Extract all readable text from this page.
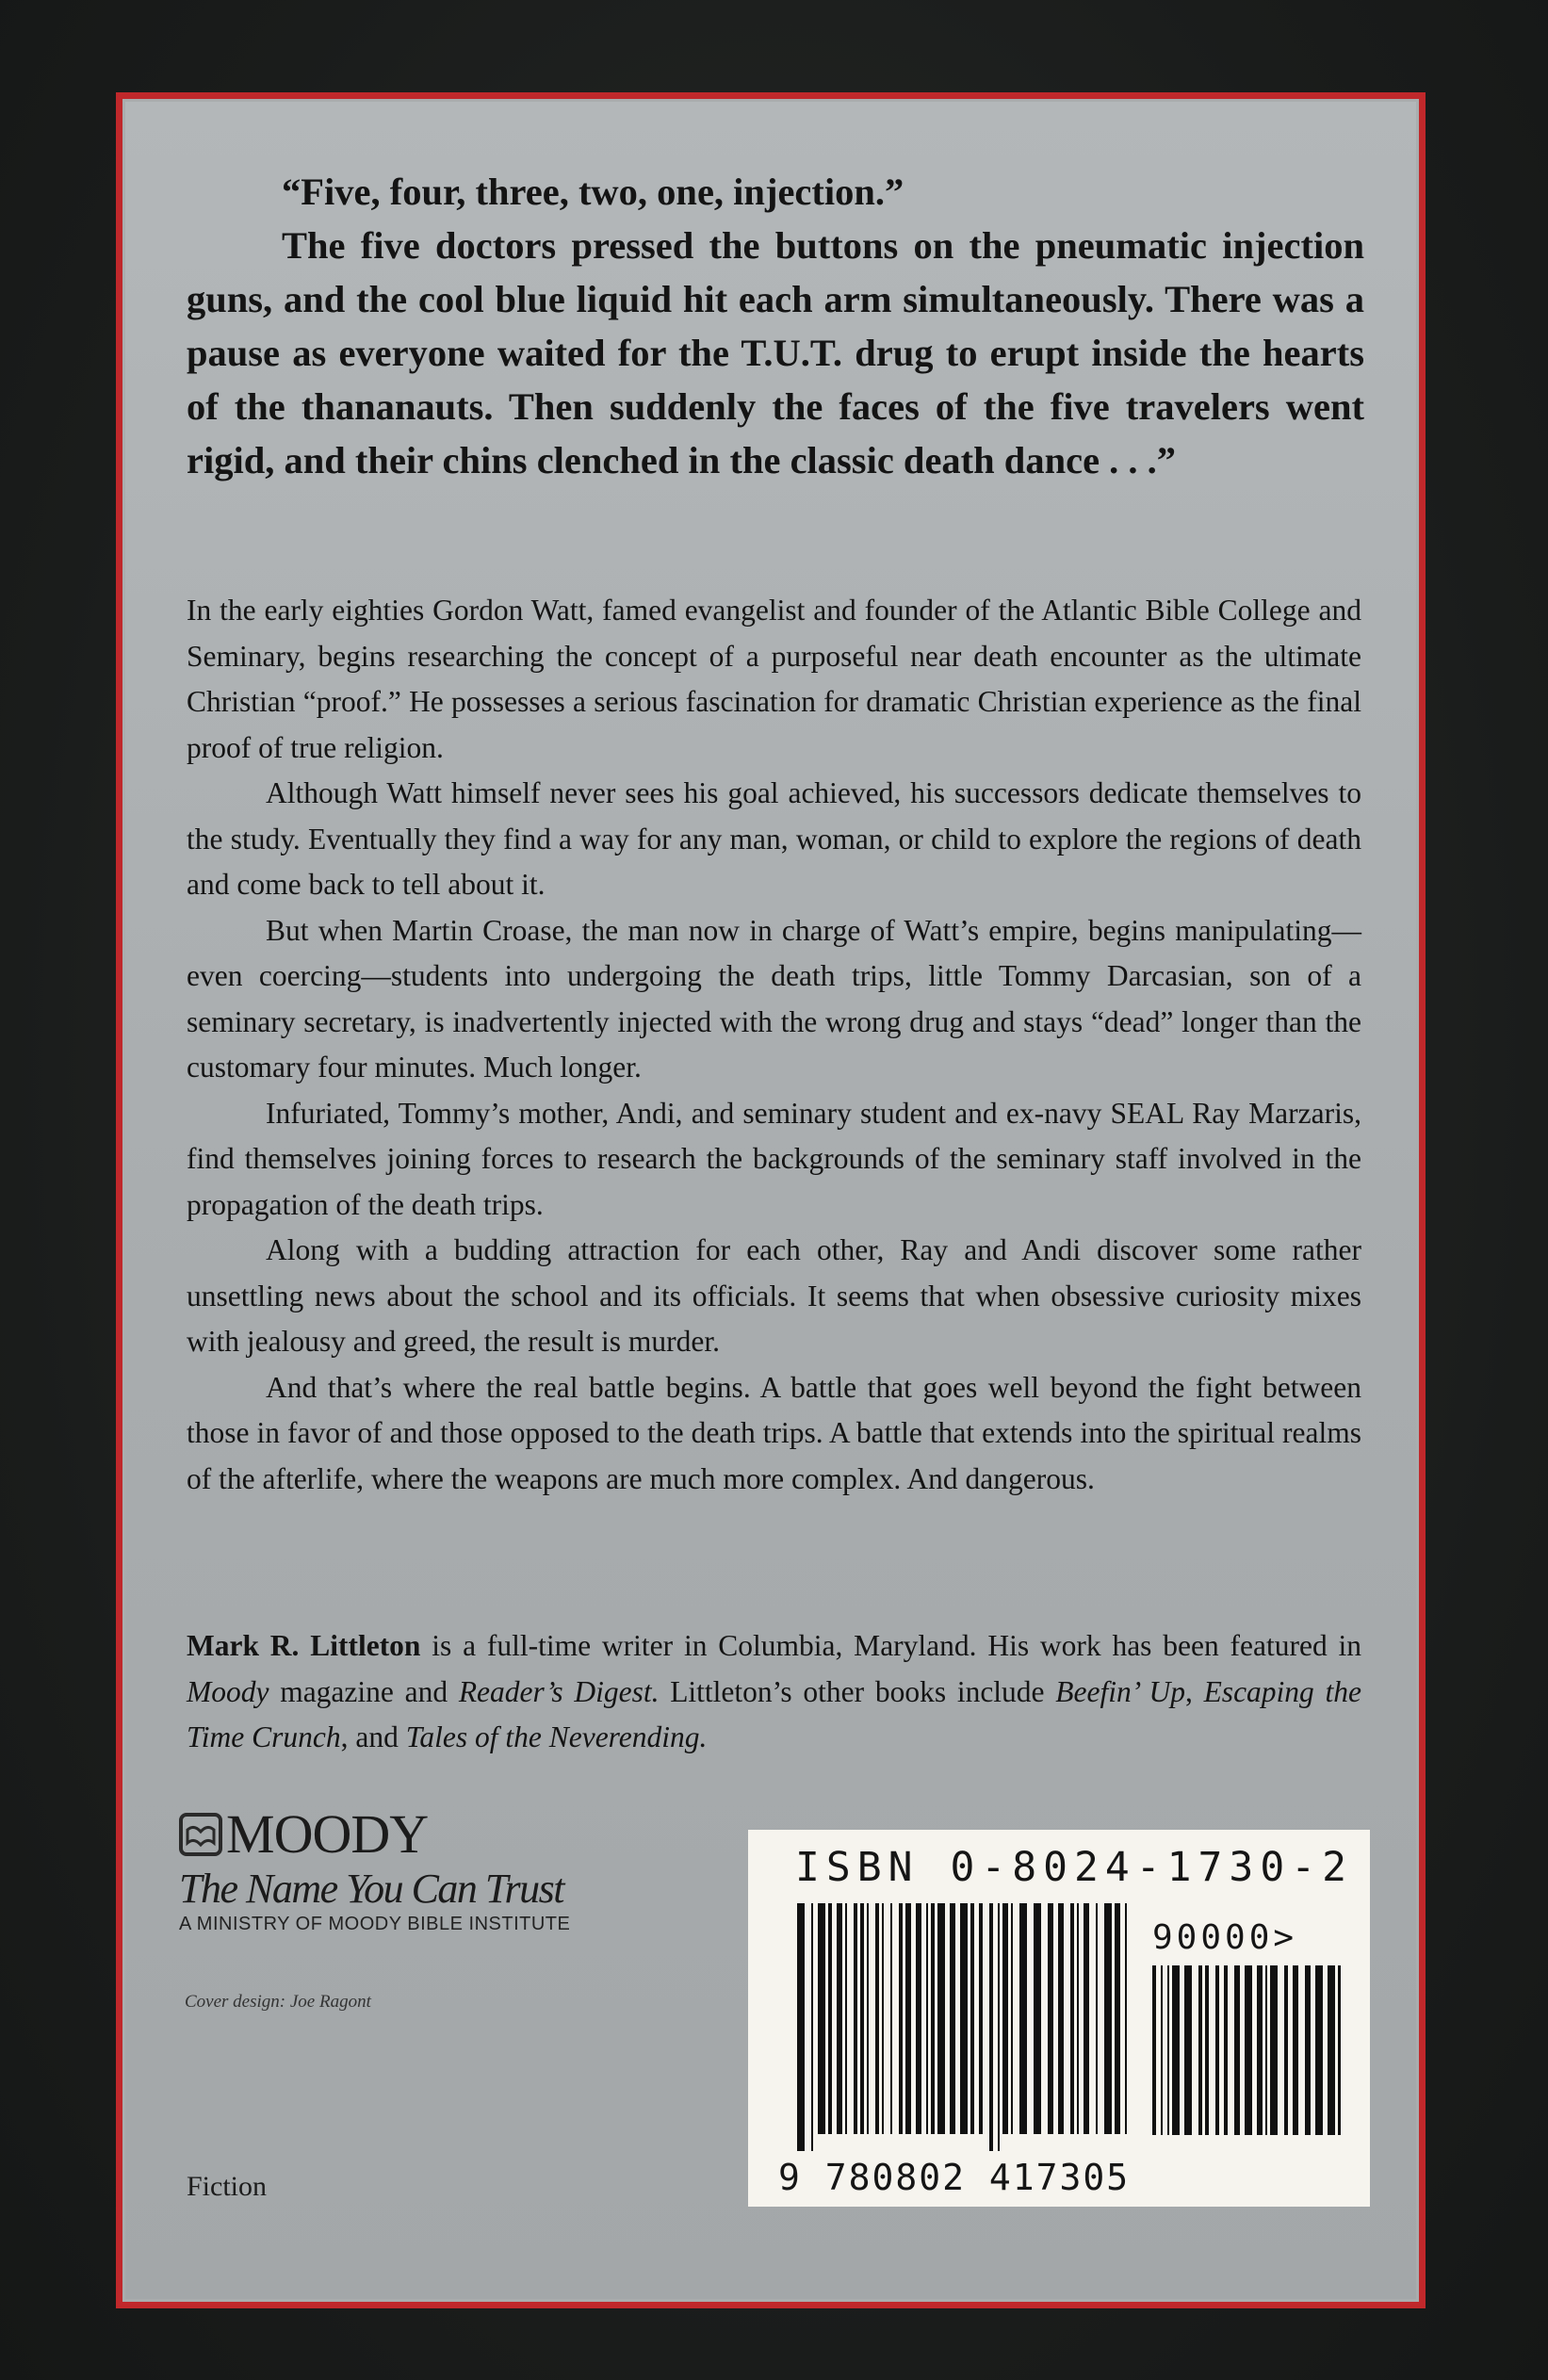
“Five, four, three, two, one, injection.”

The five doctors pressed the buttons on the pneumatic injection guns, and the cool blue liquid hit each arm simultaneously. There was a pause as everyone waited for the T.U.T. drug to erupt inside the hearts of the thananauts. Then suddenly the faces of the five travelers went rigid, and their chins clenched in the classic death dance . . .”

In the early eighties Gordon Watt, famed evangelist and founder of the Atlantic Bible College and Seminary, begins researching the concept of a purposeful near death encounter as the ultimate Christian “proof.” He possesses a serious fascination for dramatic Christian experience as the final proof of true religion.

Although Watt himself never sees his goal achieved, his successors dedicate themselves to the study. Eventually they find a way for any man, woman, or child to explore the regions of death and come back to tell about it.

But when Martin Croase, the man now in charge of Watt’s empire, begins manipulating—even coercing—students into undergoing the death trips, little Tommy Darcasian, son of a seminary secretary, is inadvertently injected with the wrong drug and stays “dead” longer than the customary four minutes. Much longer.

Infuriated, Tommy’s mother, Andi, and seminary student and ex-navy SEAL Ray Marzaris, find themselves joining forces to research the backgrounds of the seminary staff involved in the propagation of the death trips.

Along with a budding attraction for each other, Ray and Andi discover some rather unsettling news about the school and its officials. It seems that when obsessive curiosity mixes with jealousy and greed, the result is murder.

And that’s where the real battle begins. A battle that goes well beyond the fight between those in favor of and those opposed to the death trips. A battle that extends into the spiritual realms of the afterlife, where the weapons are much more complex. And dangerous.

Mark R. Littleton is a full-time writer in Columbia, Maryland. His work has been featured in Moody magazine and Reader’s Digest. Littleton’s other books include Beefin’ Up, Escaping the Time Crunch, and Tales of the Neverending.
MOODY
The Name You Can Trust
A MINISTRY OF MOODY BIBLE INSTITUTE
Cover design: Joe Ragont
Fiction
ISBN 0-8024-1730-2
90000>
9 780802 417305
